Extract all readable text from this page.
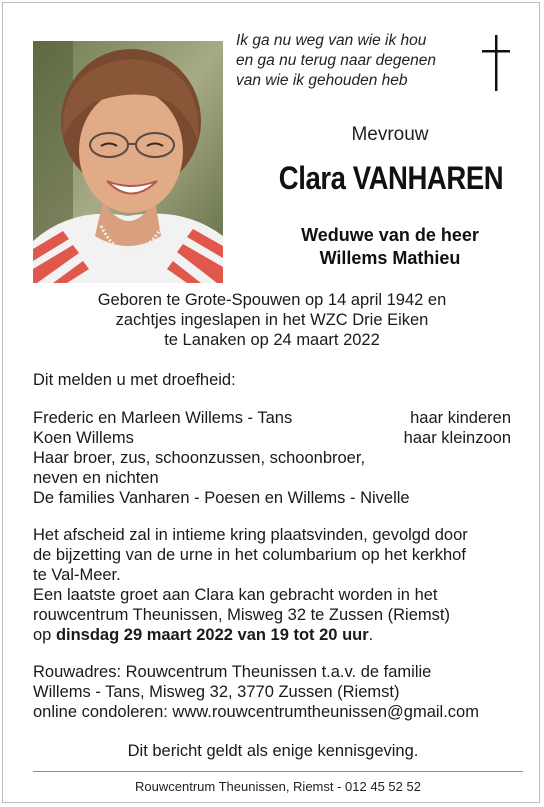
Ik ga nu weg van wie ik hou
en ga nu terug naar degenen
van wie ik gehouden heb
Mevrouw
Clara VANHAREN
Weduwe van de heer
Willems Mathieu
Geboren te Grote-Spouwen op 14 april 1942 en
zachtjes ingeslapen in het WZC Drie Eiken
te Lanaken op 24 maart 2022
Dit melden u met droefheid:
Frederic en Marleen Willems - Tans	haar kinderen
Koen Willems	haar kleinzoon
Haar broer, zus, schoonzussen, schoonbroer,
neven en nichten
De families Vanharen - Poesen en Willems - Nivelle
Het afscheid zal in intieme kring plaatsvinden, gevolgd door
de bijzetting van de urne in het columbarium op het kerkhof
te Val-Meer.
Een laatste groet aan Clara kan gebracht worden in het
rouwcentrum Theunissen, Misweg 32 te Zussen (Riemst)
op dinsdag 29 maart 2022 van 19 tot 20 uur.
Rouwadres: Rouwcentrum Theunissen t.a.v. de familie
Willems - Tans, Misweg 32, 3770 Zussen (Riemst)
online condoleren: www.rouwcentrumtheunissen@gmail.com
Dit bericht geldt als enige kennisgeving.
Rouwcentrum Theunissen, Riemst - 012 45 52 52
